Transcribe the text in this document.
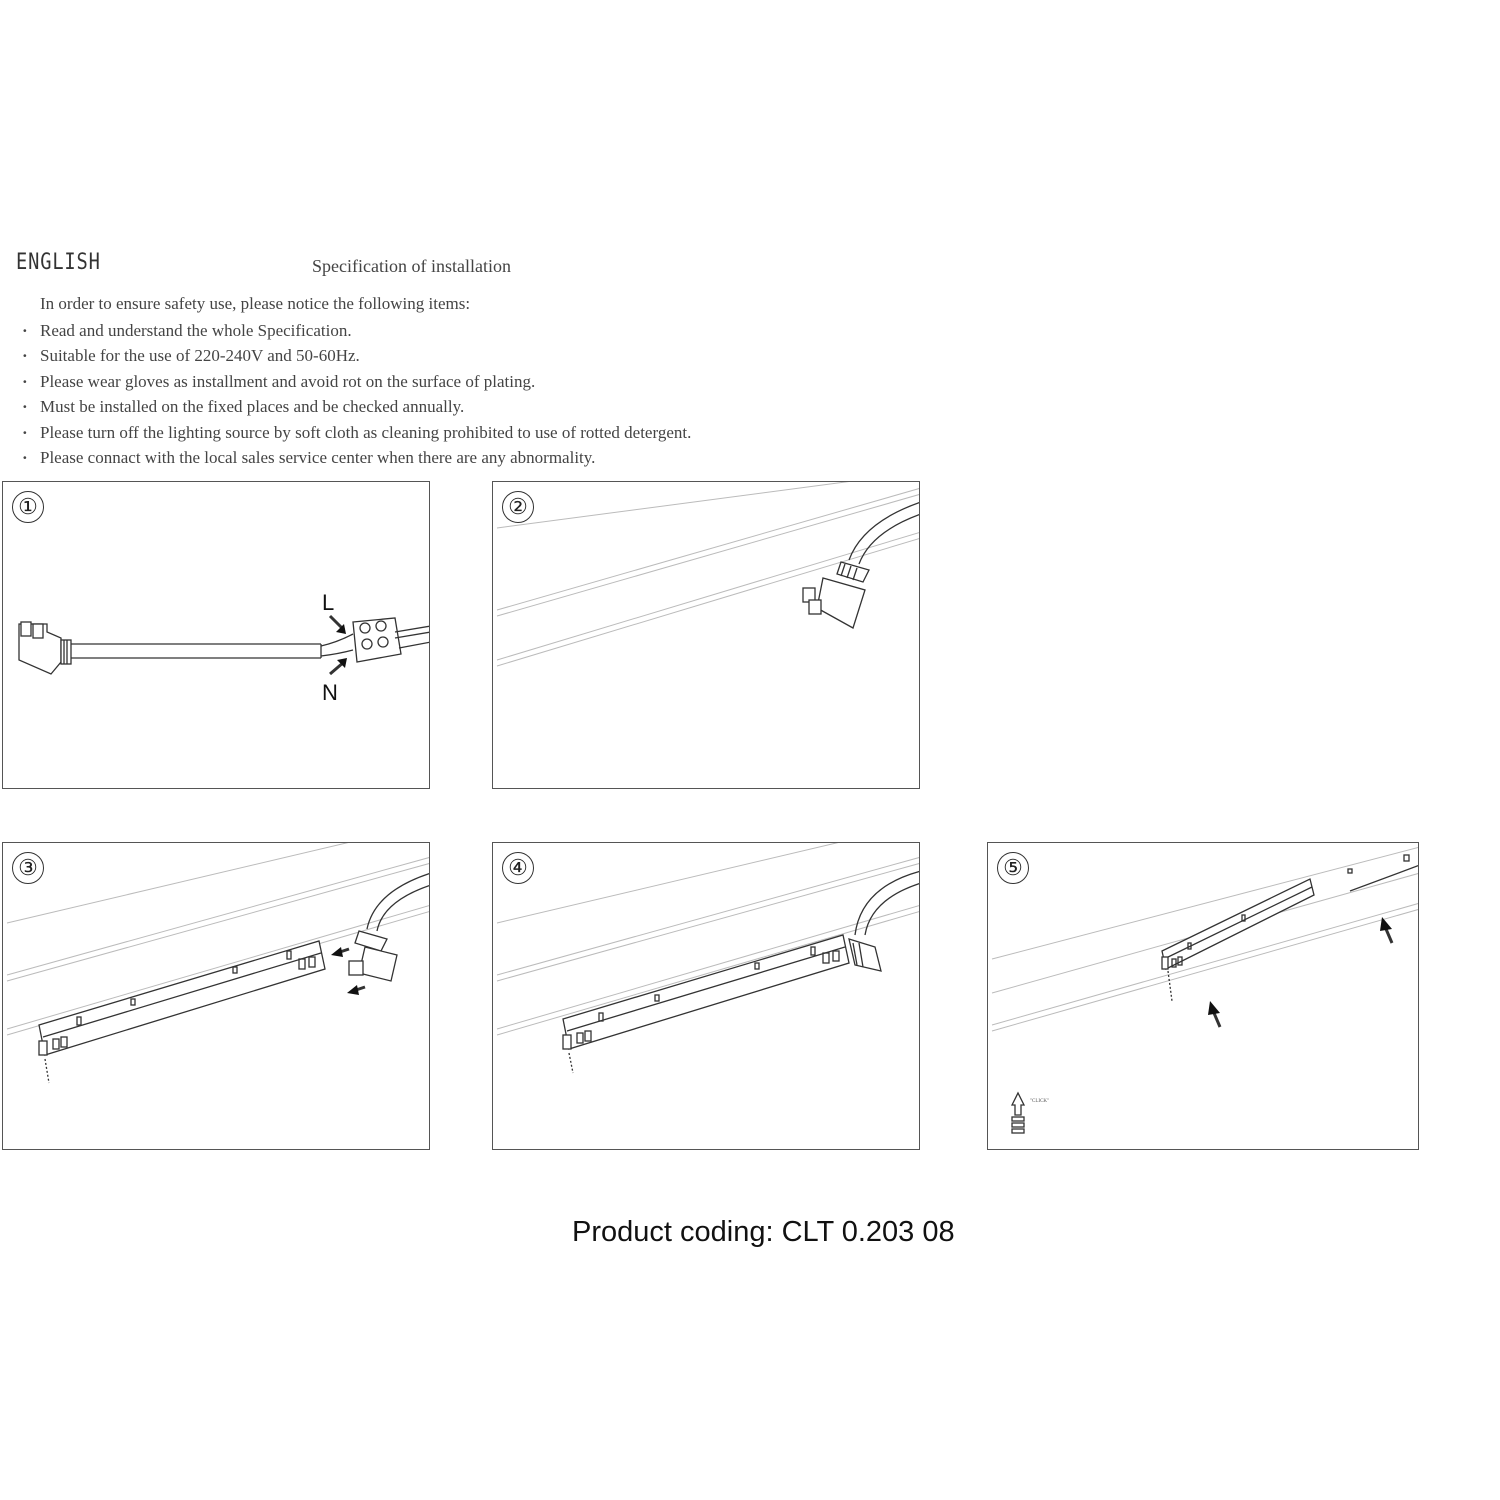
ENGLISH	Specification of installation
In order to ensure safety use, please notice the following items:
· Read and understand the whole Specification.
· Suitable for the use of 220-240V and 50-60Hz.
· Please wear gloves as installment and avoid rot on the surface of plating.
· Must be installed on the fixed places and be checked annually.
· Please turn off the lighting source by soft cloth as cleaning prohibited to use of rotted detergent.
· Please connact with the local sales service center when there are any abnormality.
①
L
N
②
③	④	⑤
"CLICK"
Product coding: CLT 0.203 08
